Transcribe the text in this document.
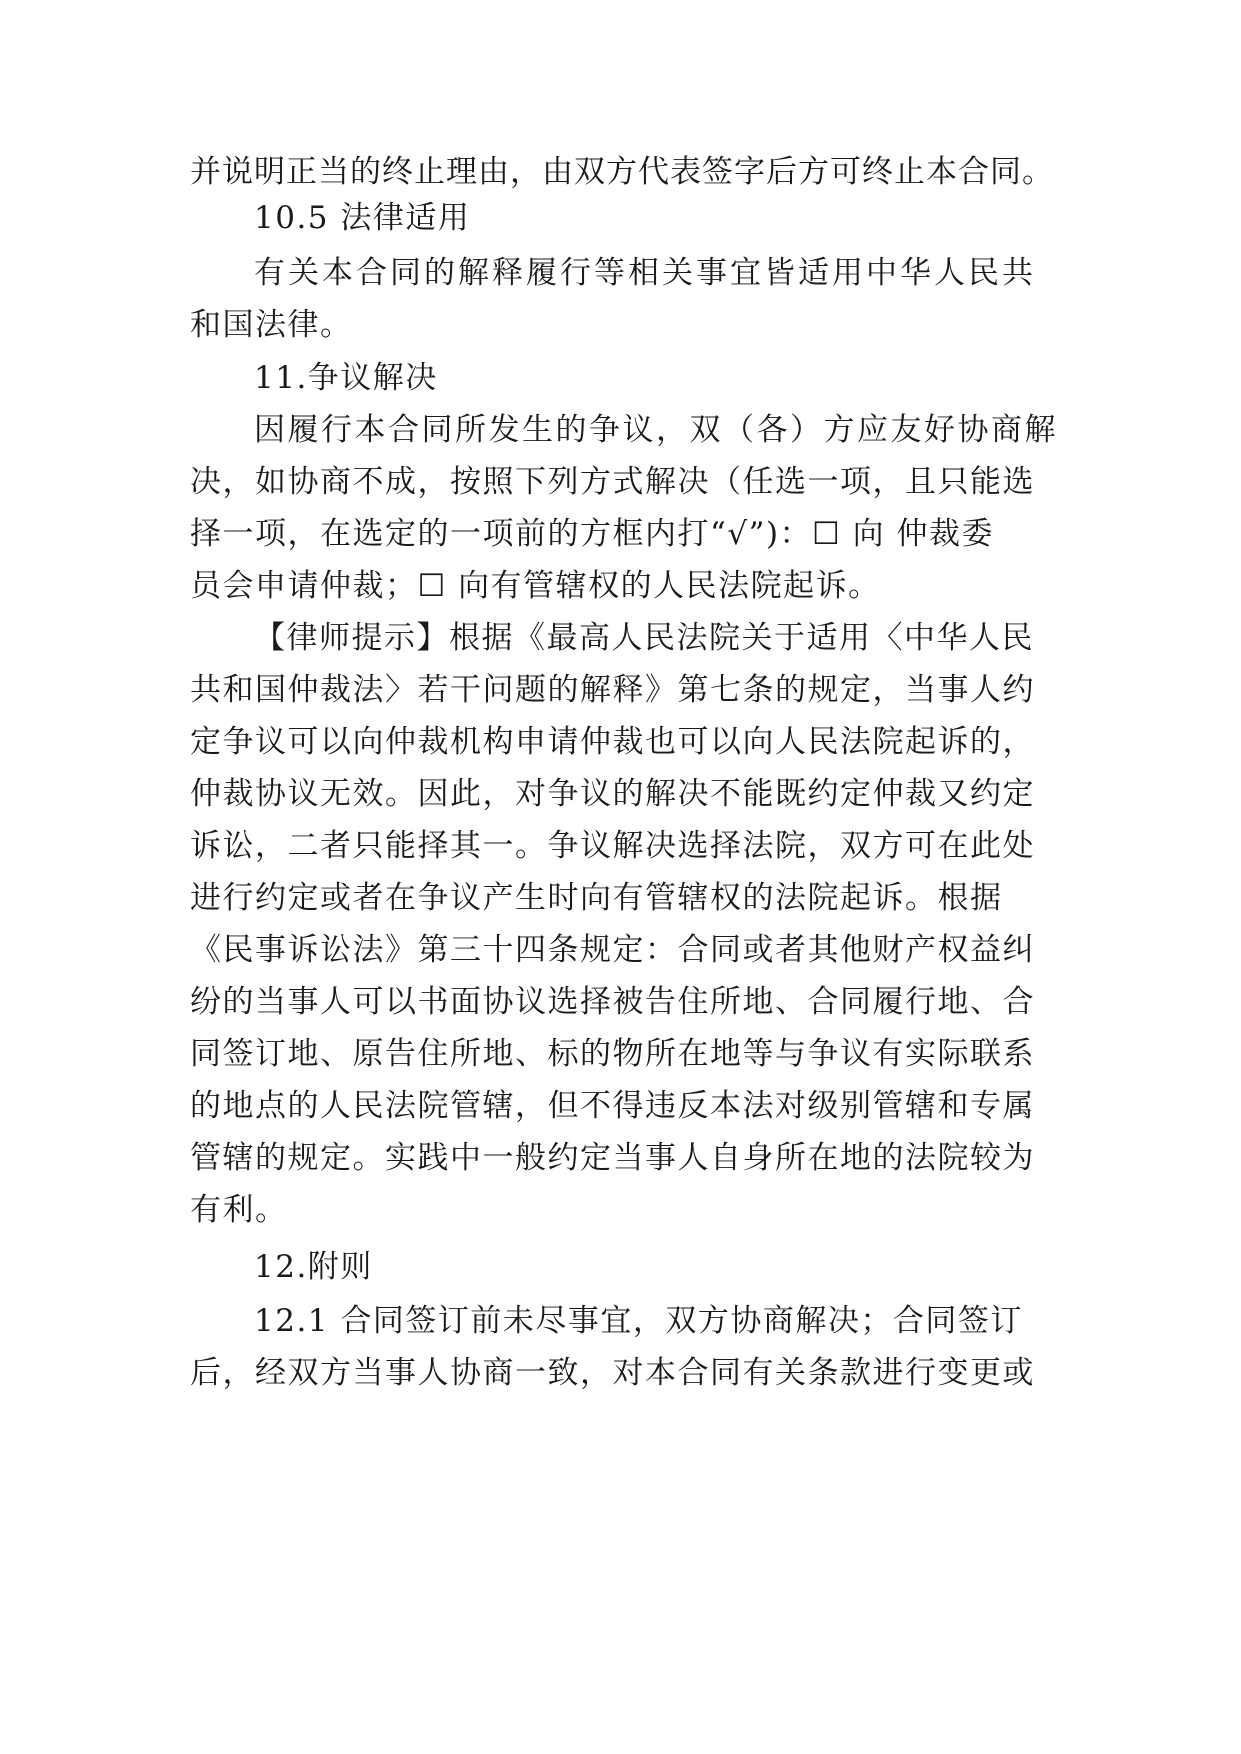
并说明正当的终止理由，由双方代表签字后方可终止本合同。
10.5 法律适用
有关本合同的解释履行等相关事宜皆适用中华人民共
和国法律。
11.争议解决
因履行本合同所发生的争议，双（各）方应友好协商解
决，如协商不成，按照下列方式解决（任选一项，且只能选
择一项，在选定的一项前的方框内打“√”)：☐ 向 仲裁委
员会申请仲裁；☐ 向有管辖权的人民法院起诉。
【律师提示】根据《最高人民法院关于适用〈中华人民
共和国仲裁法〉若干问题的解释》第七条的规定，当事人约
定争议可以向仲裁机构申请仲裁也可以向人民法院起诉的，
仲裁协议无效。因此，对争议的解决不能既约定仲裁又约定
诉讼，二者只能择其一。争议解决选择法院，双方可在此处
进行约定或者在争议产生时向有管辖权的法院起诉。根据
《民事诉讼法》第三十四条规定：合同或者其他财产权益纠
纷的当事人可以书面协议选择被告住所地、合同履行地、合
同签订地、原告住所地、标的物所在地等与争议有实际联系
的地点的人民法院管辖，但不得违反本法对级别管辖和专属
管辖的规定。实践中一般约定当事人自身所在地的法院较为
有利。
12.附则
12.1 合同签订前未尽事宜，双方协商解决；合同签订
后，经双方当事人协商一致，对本合同有关条款进行变更或
